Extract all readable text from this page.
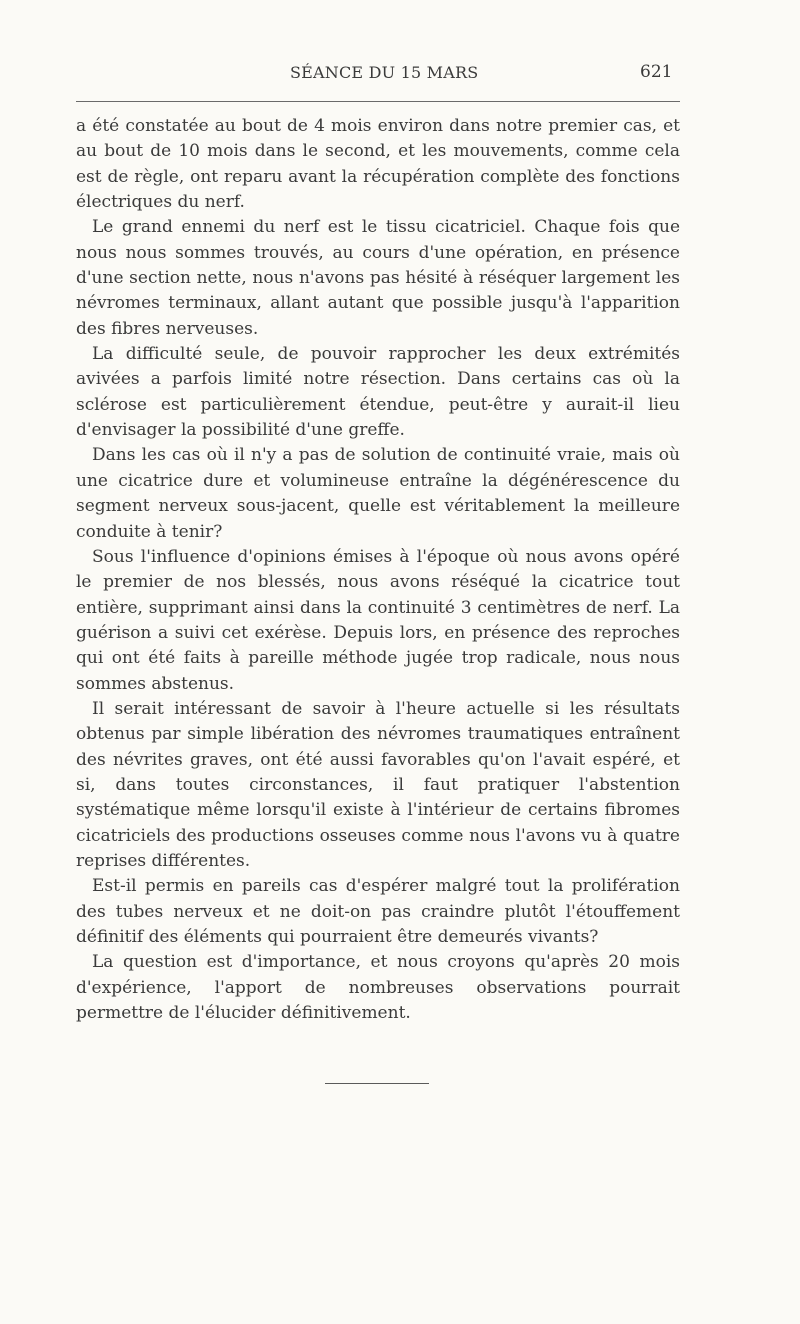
SÉANCE DU 15 MARS	621

a été constatée au bout de 4 mois environ dans notre premier cas, et au bout de 10 mois dans le second, et les mouvements, comme cela est de règle, ont reparu avant la récupération complète des fonctions électriques du nerf.

Le grand ennemi du nerf est le tissu cicatriciel. Chaque fois que nous nous sommes trouvés, au cours d'une opération, en présence d'une section nette, nous n'avons pas hésité à réséquer largement les névromes terminaux, allant autant que possible jusqu'à l'apparition des fibres nerveuses.

La difficulté seule, de pouvoir rapprocher les deux extrémités avivées a parfois limité notre résection. Dans certains cas où la sclérose est particulièrement étendue, peut-être y aurait-il lieu d'envisager la possibilité d'une greffe.

Dans les cas où il n'y a pas de solution de continuité vraie, mais où une cicatrice dure et volumineuse entraîne la dégénérescence du segment nerveux sous-jacent, quelle est véritablement la meilleure conduite à tenir?

Sous l'influence d'opinions émises à l'époque où nous avons opéré le premier de nos blessés, nous avons réséqué la cicatrice tout entière, supprimant ainsi dans la continuité 3 centimètres de nerf. La guérison a suivi cet exérèse. Depuis lors, en présence des reproches qui ont été faits à pareille méthode jugée trop radicale, nous nous sommes abstenus.

Il serait intéressant de savoir à l'heure actuelle si les résultats obtenus par simple libération des névromes traumatiques entraînent des névrites graves, ont été aussi favorables qu'on l'avait espéré, et si, dans toutes circonstances, il faut pratiquer l'abstention systématique même lorsqu'il existe à l'intérieur de certains fibromes cicatriciels des productions osseuses comme nous l'avons vu à quatre reprises différentes.

Est-il permis en pareils cas d'espérer malgré tout la prolifération des tubes nerveux et ne doit-on pas craindre plutôt l'étouffement définitif des éléments qui pourraient être demeurés vivants?

La question est d'importance, et nous croyons qu'après 20 mois d'expérience, l'apport de nombreuses observations pourrait permettre de l'élucider définitivement.
